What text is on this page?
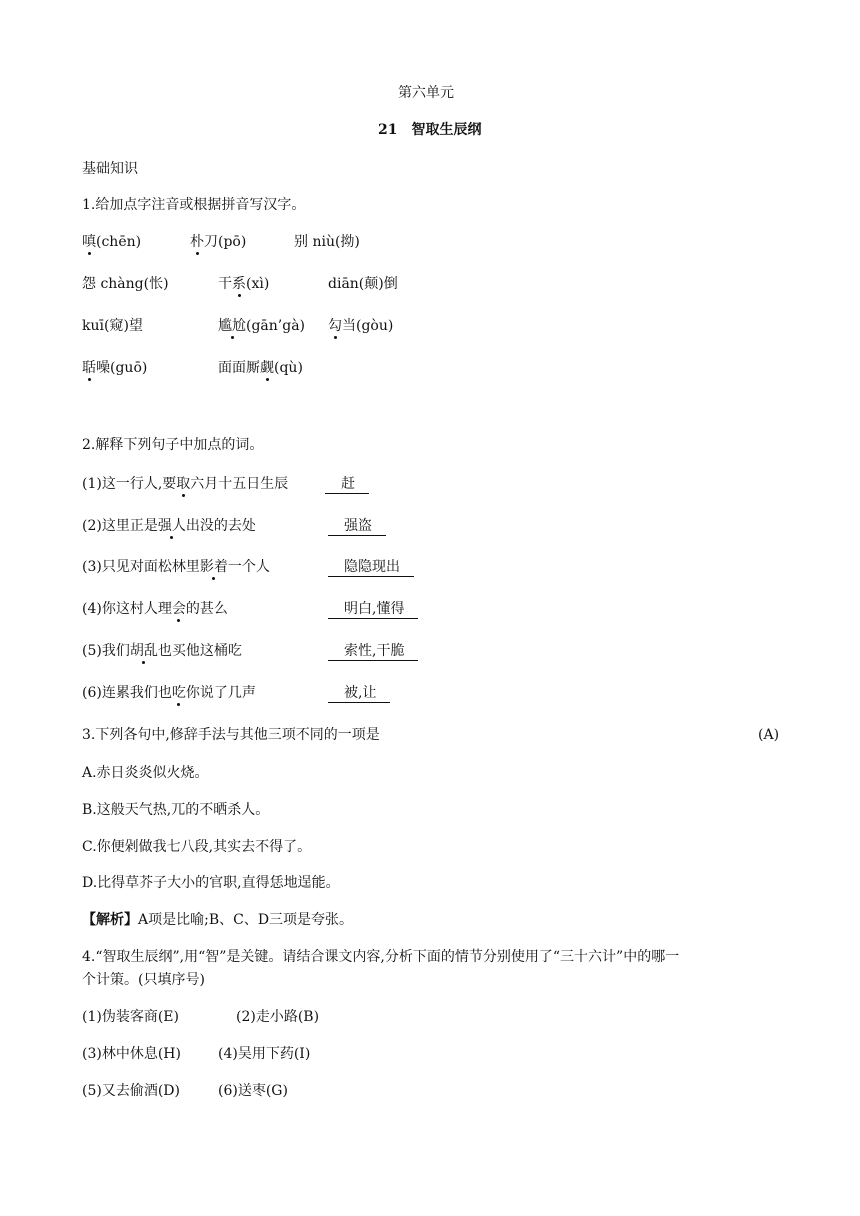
第六单元
21 智取生辰纲
基础知识
1.给加点字注音或根据拼音写汉字。
嗔(chēn)	朴刀(pō)	别 niù(拗)
怨 chàng(怅)	干系(xì)	diān(颠)倒
kuī(窥)望	尴尬(gān’gà) 勾当(gòu)
聒噪(guō)	面面厮觑(qù)
2.解释下列句子中加点的词。
(1)这一行人,要取六月十五日生辰	赶
(2)这里正是强人出没的去处	强盗
(3)只见对面松林里影着一个人	隐隐现出
(4)你这村人理会的甚么	明白,懂得
(5)我们胡乱也买他这桶吃	索性,干脆
(6)连累我们也吃你说了几声	被,让
3.下列各句中,修辞手法与其他三项不同的一项是	(A)
A.赤日炎炎似火烧。
B.这般天气热,兀的不晒杀人。
C.你便剁做我七八段,其实去不得了。
D.比得草芥子大小的官职,直得恁地逞能。
【解析】A项是比喻;B、C、D三项是夸张。
4.“智取生辰纲”,用“智”是关键。请结合课文内容,分析下面的情节分别使用了“三十六计”中的哪一
个计策。(只填序号)
(1)伪装客商(E)	(2)走小路(B)
(3)林中休息(H)	(4)吴用下药(I)
(5)又去偷酒(D)	(6)送枣(G)
